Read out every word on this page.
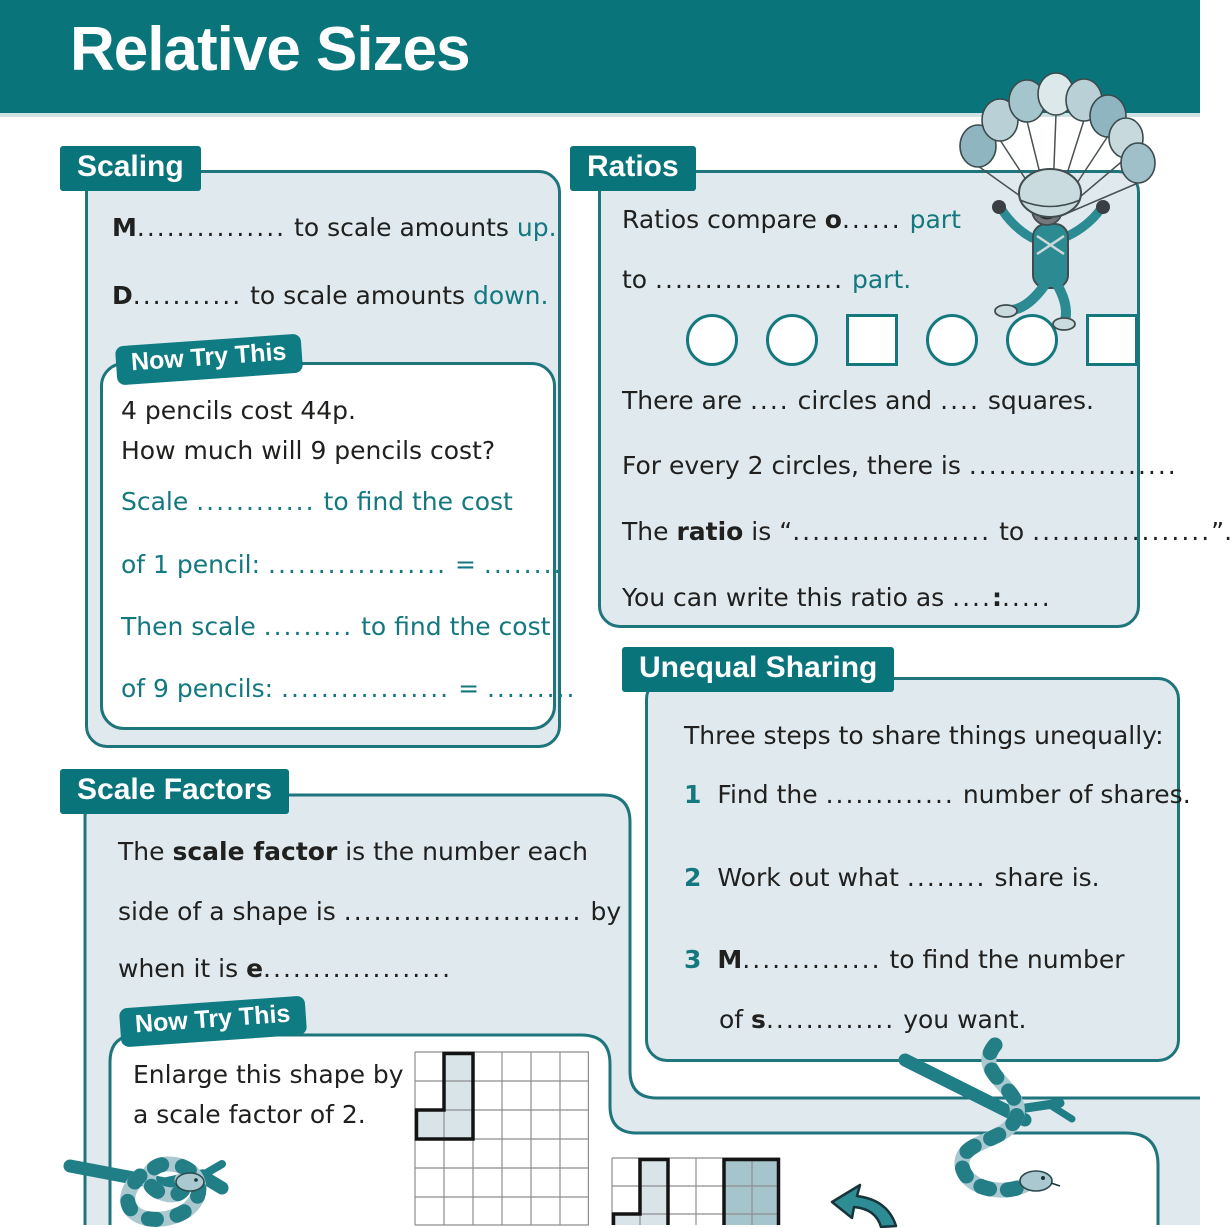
Relative Sizes
Scaling
M............... to scale amounts up.
D........... to scale amounts down.
Now Try This
4 pencils cost 44p.
How much will 9 pencils cost?
Scale ............ to find the cost
of 1 pencil: .................. = ........
Then scale ......... to find the cost
of 9 pencils: ................. = .........
Ratios
Ratios compare o...... part
to ................... part.
There are .... circles and .... squares.
For every 2 circles, there is .....................
The ratio is “.................... to ..................”.
You can write this ratio as ....:.....
Unequal Sharing
Three steps to share things unequally:
1 Find the ............. number of shares.
2 Work out what ........ share is.
3 M.............. to find the number
of s............. you want.
Scale Factors
The scale factor is the number each
side of a shape is ........................ by
when it is e...................
Now Try This
Enlarge this shape by
a scale factor of 2.
